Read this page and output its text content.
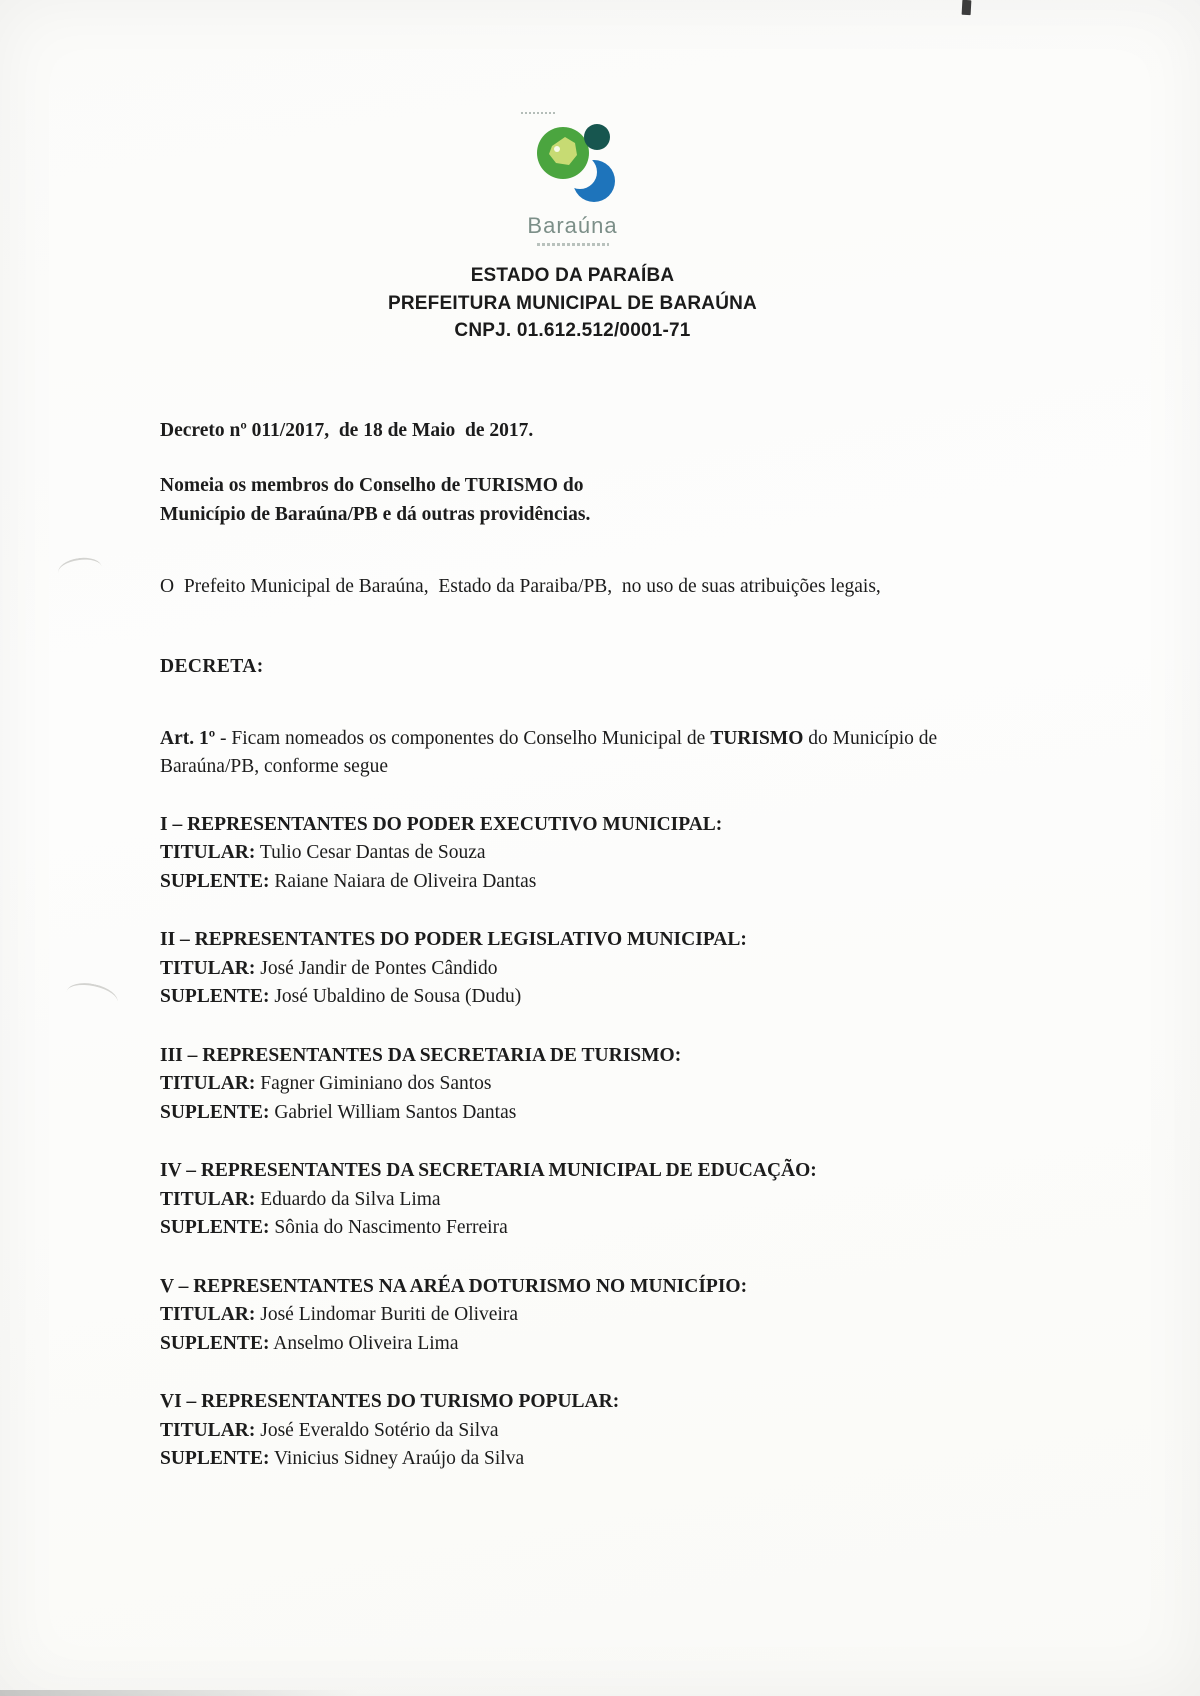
Baraúna
ESTADO DA PARAÍBA
PREFEITURA MUNICIPAL DE BARAÚNA
CNPJ. 01.612.512/0001-71

Decreto nº 011/2017,  de 18 de Maio  de 2017.

Nomeia os membros do Conselho de TURISMO do
Município de Baraúna/PB e dá outras providências.

O  Prefeito Municipal de Baraúna,  Estado da Paraiba/PB,  no uso de suas atribuições legais,

DECRETA:

Art. 1º - Ficam nomeados os componentes do Conselho Municipal de TURISMO do Município de Baraúna/PB, conforme segue

I – REPRESENTANTES DO PODER EXECUTIVO MUNICIPAL:

TITULAR: Tulio Cesar Dantas de Souza

SUPLENTE: Raiane Naiara de Oliveira Dantas

II – REPRESENTANTES DO PODER LEGISLATIVO MUNICIPAL:

TITULAR: José Jandir de Pontes Cândido

SUPLENTE: José Ubaldino de Sousa (Dudu)

III – REPRESENTANTES DA SECRETARIA DE TURISMO:

TITULAR: Fagner Giminiano dos Santos

SUPLENTE: Gabriel William Santos Dantas

IV – REPRESENTANTES DA SECRETARIA MUNICIPAL DE EDUCAÇÃO:

TITULAR: Eduardo da Silva Lima

SUPLENTE: Sônia do Nascimento Ferreira

V – REPRESENTANTES NA ARÉA DOTURISMO NO MUNICÍPIO:

TITULAR: José Lindomar Buriti de Oliveira

SUPLENTE: Anselmo Oliveira Lima

VI – REPRESENTANTES DO TURISMO POPULAR:

TITULAR: José Everaldo Sotério da Silva

SUPLENTE: Vinicius Sidney Araújo da Silva
